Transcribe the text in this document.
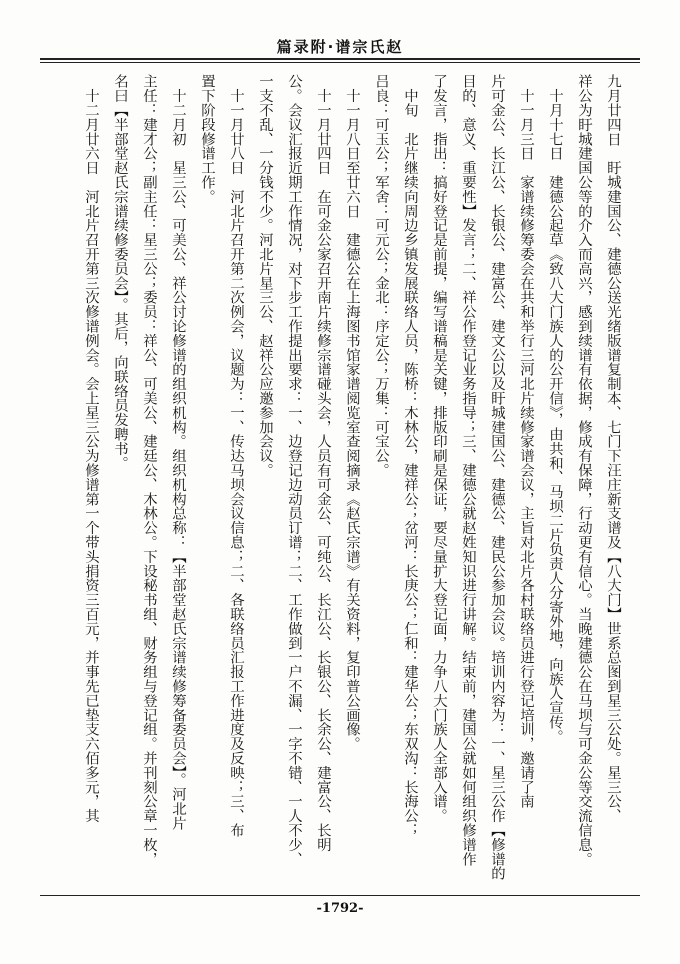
篇录附·谱宗氏赵
九月廿四日　盱城建国公、建德公送光绪版谱复制本、七门下汪庄新支谱及【八大门】世系总图到星三公处。星三公、
祥公为盱城建国公等的介入而高兴，感到续谱有依据，修成有保障，行动更有信心。当晚建德公在马坝与可金公等交流信息。
　十月十七日　建德公起草《致八大门族人的公开信》，由共和、马坝二片负责人分寄外地，向族人宣传。
　十一月三日　家谱续修筹委会在共和举行三河北片续修家谱会议，主旨对北片各村联络员进行登记培训，邀请了南
片可金公、长江公、长银公、建富公、建文公以及盱城建国公、建德公、建民公参加会议。培训内容为：一、星三公作【修谱的
目的、意义、重要性】发言；二、祥公作登记业务指导；三、建德公就赵姓知识进行讲解。结束前，建国公就如何组织修谱作
了发言，指出：搞好登记是前提，编写谱稿是关键，排版印刷是保证，要尽量扩大登记面，力争八大门族人全部入谱。
　中旬　北片继续向周边乡镇发展联络人员，陈桥：木林公，建祥公；岔河：长庚公；仁和：建华公；东双沟：长海公；
吕良：可玉公；军舍：可元公；金北：序定公；万集：可宝公。
　十一月八日至廿六日　建德公在上海图书馆家谱阅览室查阅摘录《赵氏宗谱》有关资料，复印普公画像。
　十一月廿四日　在可金公家召开南片续修宗谱碰头会，人员有可金公、可纯公、长江公、长银公、长余公、建富公、长明
公。会议汇报近期工作情况，对下步工作提出要求：一、边登记边动员订谱；二、工作做到一户不漏、一字不错、一人不少、
一支不乱、一分钱不少。河北片星三公、赵祥公应邀参加会议。
　十一月廿八日　河北片召开第二次例会，议题为：一、传达马坝会议信息；二、各联络员汇报工作进度及反映；三、布
置下阶段修谱工作。
　十二月初　星三公、可美公、祥公讨论修谱的组织机构。组织机构总称：【半部堂赵氏宗谱续修筹备委员会】。河北片
主任：建才公；副主任：星三公；委员：祥公、可美公、建廷公、木林公。下设秘书组、财务组与登记组。并刊刻公章一枚，
名曰【半部堂赵氏宗谱续修委员会】。其后，向联络员发聘书。
　十二月廿六日　河北片召开第三次修谱例会。会上星三公为修谱第一个带头捐资三百元，并事先已垫支六佰多元，其
-1792-
